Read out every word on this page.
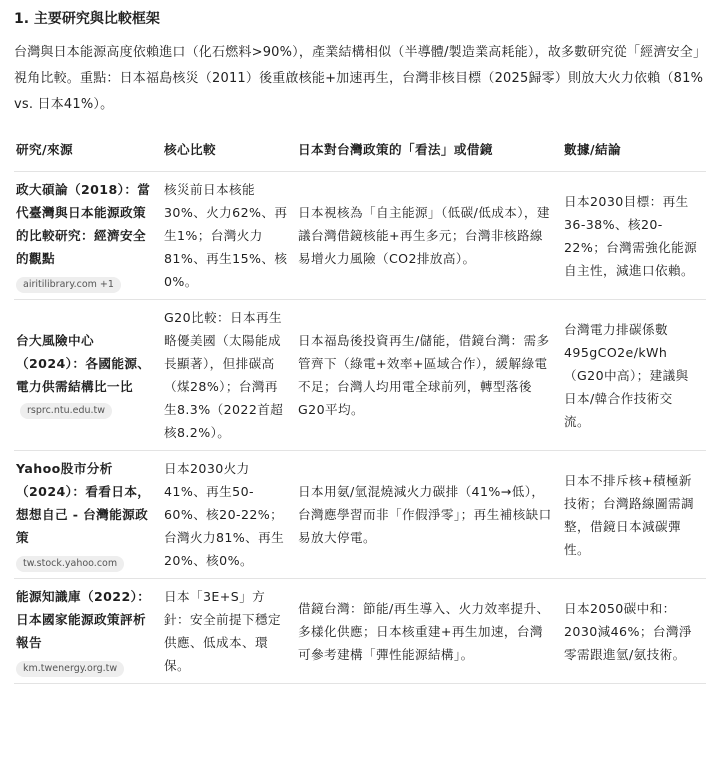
1. 主要研究與比較框架

台灣與日本能源高度依賴進口（化石燃料>90%），產業結構相似（半導體/製造業高耗能），故多數研究從「經濟安全」視角比較。重點：日本福島核災（2011）後重啟核能+加速再生，台灣非核目標（2025歸零）則放大火力依賴（81% vs. 日本41%）。

研究/來源	核心比較	日本對台灣政策的「看法」或借鏡	數據/結論
政大碩論（2018）：當代臺灣與日本能源政策的比較研究：經濟安全的觀點
airitilibrary.com +1	核災前日本核能30%、火力62%、再生1%；台灣火力81%、再生15%、核0%。	日本視核為「自主能源」（低碳/低成本），建議台灣借鏡核能+再生多元；台灣非核路線易增火力風險（CO2排放高）。	日本2030目標：再生36-38%、核20-22%；台灣需強化能源自主性，減進口依賴。
台大風險中心（2024）：各國能源、電力供需結構比一比rsprc.ntu.edu.tw	G20比較：日本再生略優美國（太陽能成長顯著），但排碳高（煤28%）；台灣再生8.3%（2022首超核8.2%）。	日本福島後投資再生/儲能，借鏡台灣：需多管齊下（綠電+效率+區域合作），緩解綠電不足；台灣人均用電全球前列，轉型落後G20平均。	台灣電力排碳係數495gCO2e/kWh（G20中高）；建議與日本/韓合作技術交流。
Yahoo股市分析（2024）：看看日本，想想自己 - 台灣能源政策
tw.stock.yahoo.com	日本2030火力41%、再生50-60%、核20-22%；台灣火力81%、再生20%、核0%。	日本用氨/氫混燒減火力碳排（41%→低），台灣應學習而非「作假淨零」；再生補核缺口易放大停電。	日本不排斥核+積極新技術；台灣路線圖需調整，借鏡日本減碳彈性。
能源知識庫（2022）：日本國家能源政策評析報告
km.twenergy.org.tw	日本「3E+S」方針：安全前提下穩定供應、低成本、環保。	借鏡台灣：節能/再生導入、火力效率提升、多樣化供應；日本核重建+再生加速，台灣可參考建構「彈性能源結構」。	日本2050碳中和：2030減46%；台灣淨零需跟進氫/氨技術。
